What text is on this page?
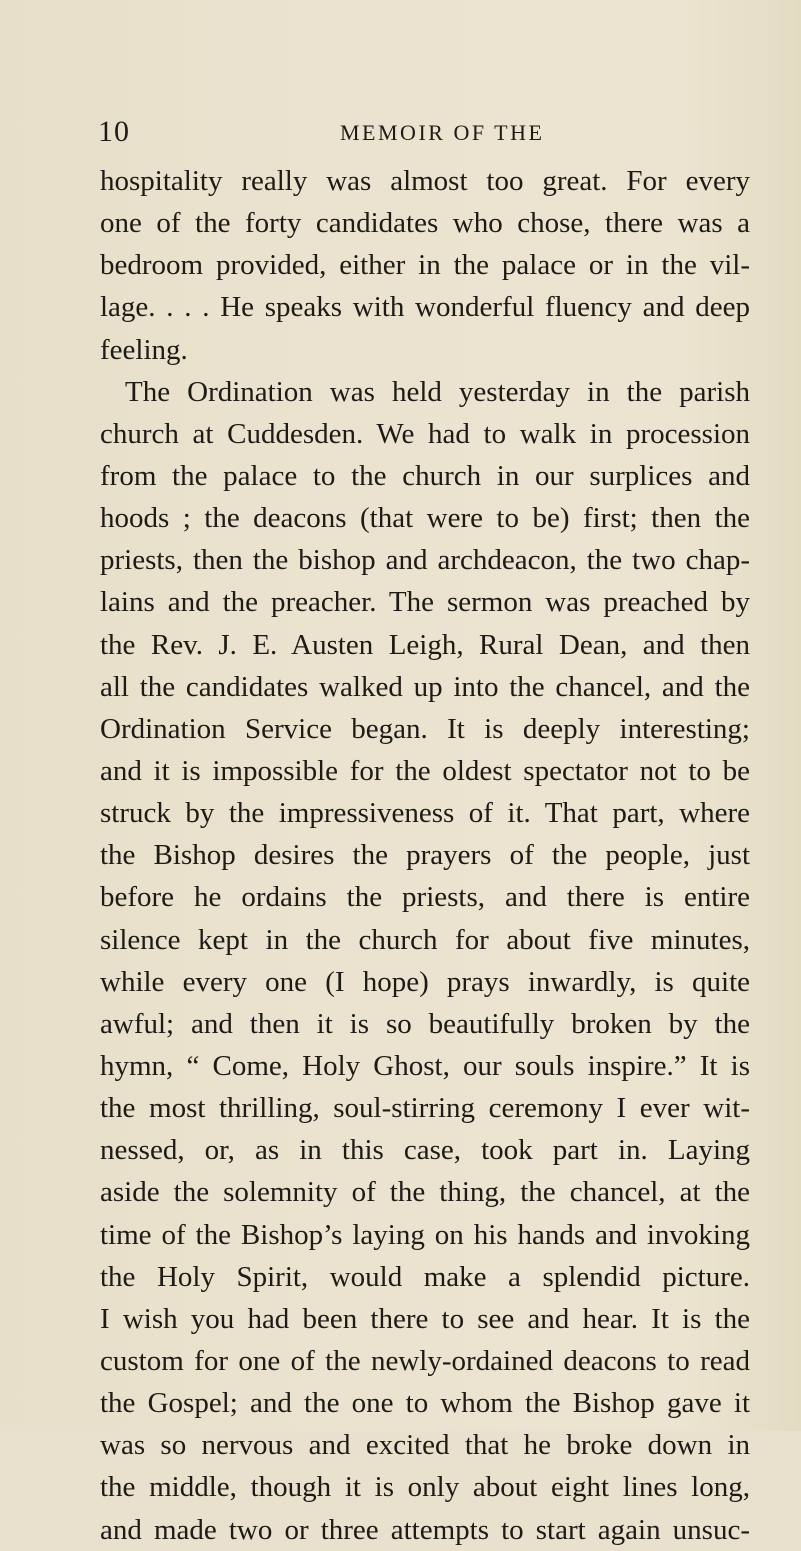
10	MEMOIR OF THE
hospitality really was almost too great. For every
one of the forty candidates who chose, there was a
bedroom provided, either in the palace or in the vil-
lage. . . . He speaks with wonderful fluency and deep
feeling.
The Ordination was held yesterday in the parish
church at Cuddesden. We had to walk in procession
from the palace to the church in our surplices and
hoods ; the deacons (that were to be) first; then the
priests, then the bishop and archdeacon, the two chap-
lains and the preacher. The sermon was preached by
the Rev. J. E. Austen Leigh, Rural Dean, and then
all the candidates walked up into the chancel, and the
Ordination Service began. It is deeply interesting;
and it is impossible for the oldest spectator not to be
struck by the impressiveness of it. That part, where
the Bishop desires the prayers of the people, just
before he ordains the priests, and there is entire
silence kept in the church for about five minutes,
while every one (I hope) prays inwardly, is quite
awful; and then it is so beautifully broken by the
hymn, “ Come, Holy Ghost, our souls inspire.” It is
the most thrilling, soul-stirring ceremony I ever wit-
nessed, or, as in this case, took part in. Laying
aside the solemnity of the thing, the chancel, at the
time of the Bishop’s laying on his hands and invoking
the Holy Spirit, would make a splendid picture.
I wish you had been there to see and hear. It is the
custom for one of the newly-ordained deacons to read
the Gospel; and the one to whom the Bishop gave it
was so nervous and excited that he broke down in
the middle, though it is only about eight lines long,
and made two or three attempts to start again unsuc-
